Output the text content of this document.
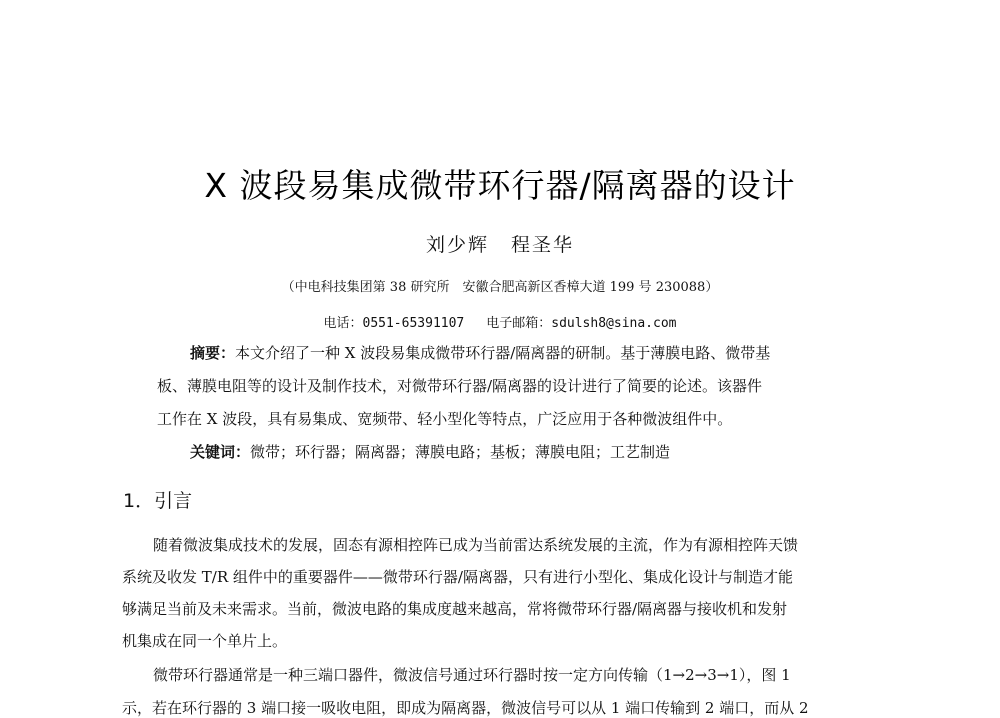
X 波段易集成微带环行器/隔离器的设计
刘少辉 程圣华
（中电科技集团第 38 研究所　安徽合肥高新区香樟大道 199 号 230088）
电话：0551-65391107 电子邮箱：sdulsh8@sina.com
摘要：本文介绍了一种 X 波段易集成微带环行器/隔离器的研制。基于薄膜电路、微带基
板、薄膜电阻等的设计及制作技术，对微带环行器/隔离器的设计进行了简要的论述。该器件
工作在 X 波段，具有易集成、宽频带、轻小型化等特点，广泛应用于各种微波组件中。
关键词：微带；环行器；隔离器；薄膜电路；基板；薄膜电阻；工艺制造
1．引言
随着微波集成技术的发展，固态有源相控阵已成为当前雷达系统发展的主流，作为有源相控阵天馈
系统及收发 T/R 组件中的重要器件——微带环行器/隔离器，只有进行小型化、集成化设计与制造才能
够满足当前及未来需求。当前，微波电路的集成度越来越高，常将微带环行器/隔离器与接收机和发射
机集成在同一个单片上。
微带环行器通常是一种三端口器件，微波信号通过环行器时按一定方向传输（1→2→3→1），图 1
示，若在环行器的 3 端口接一吸收电阻，即成为隔离器，微波信号可以从 1 端口传输到 2 端口，而从 2
